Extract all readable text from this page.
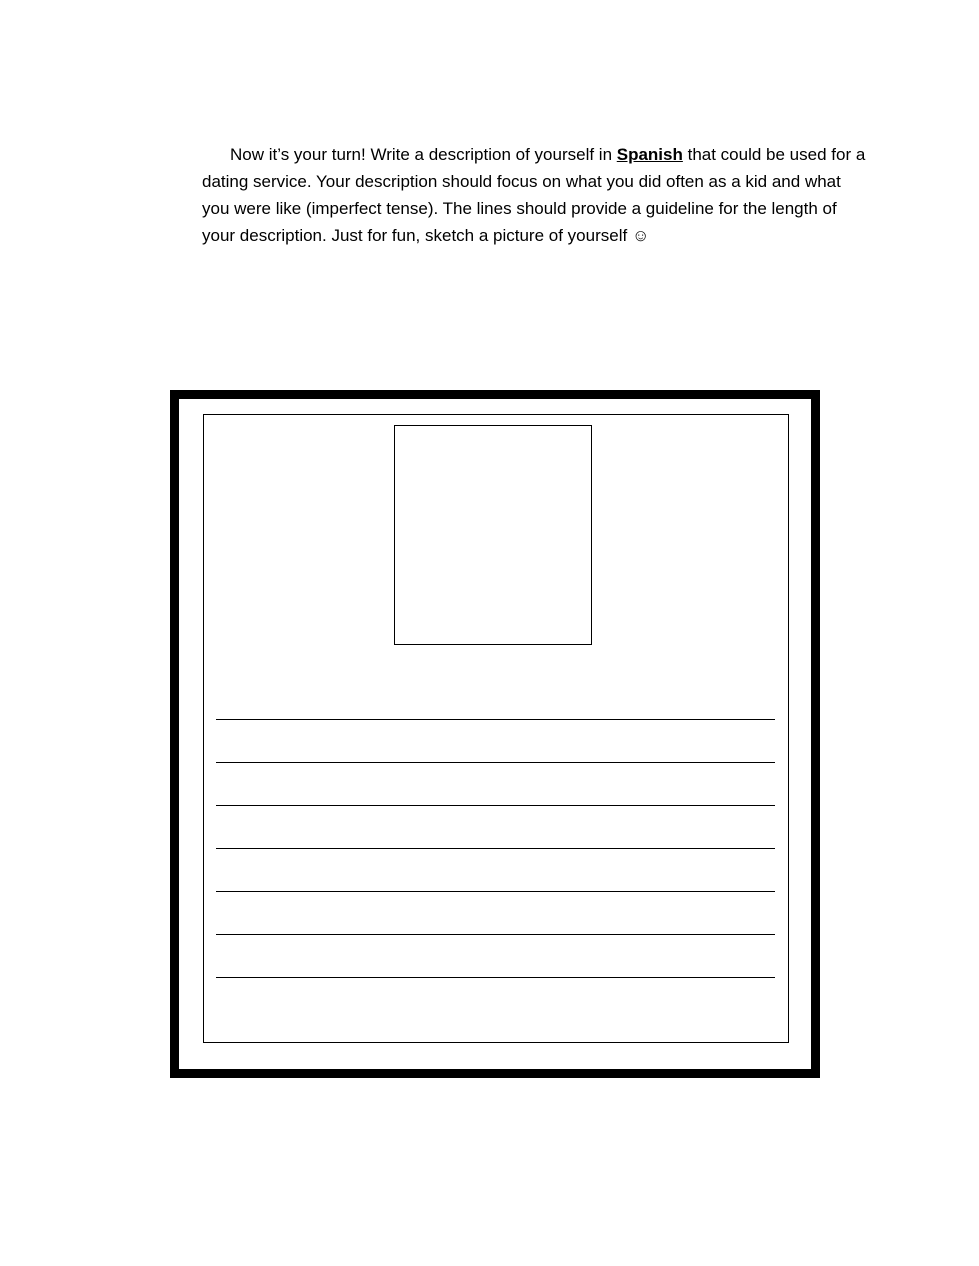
Now it’s your turn! Write a description of yourself in Spanish that could be used for a dating service. Your description should focus on what you did often as a kid and what you were like (imperfect tense). The lines should provide a guideline for the length of your description. Just for fun, sketch a picture of yourself ☺
